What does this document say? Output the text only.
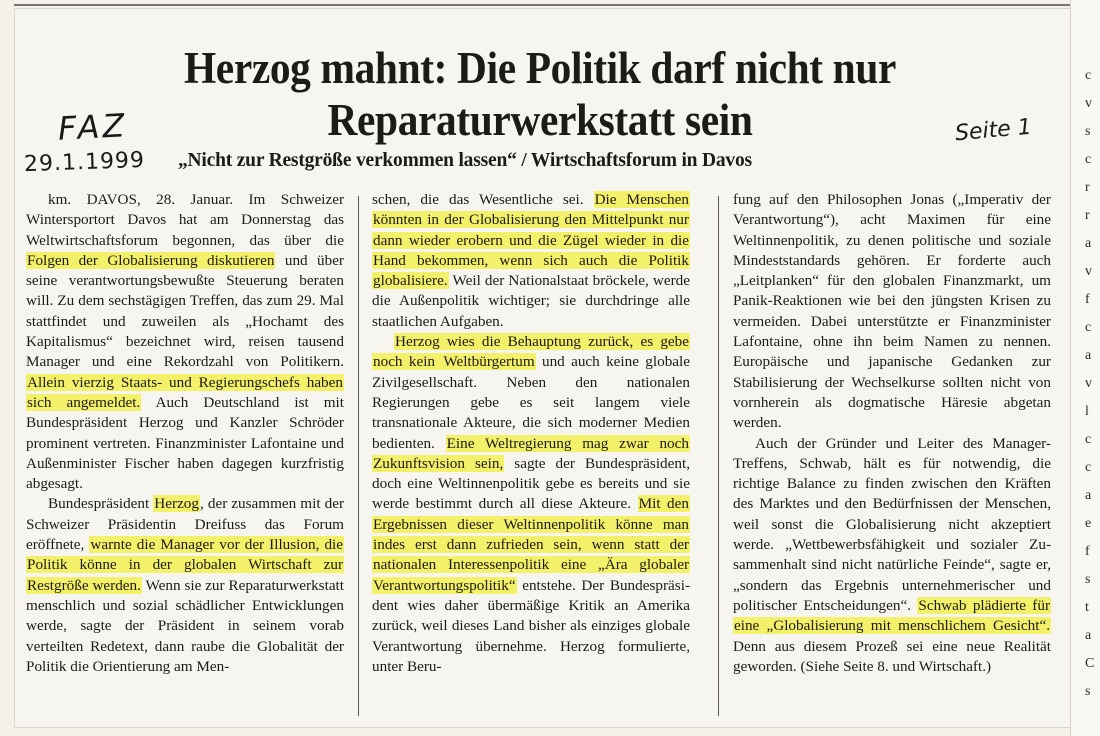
c
v
s
c
r
r
a
v
f
c
a
v
l
c
c
a
e
f
s
t
a
C
s
Herzog mahnt: Die Politik darf nicht nur
Reparaturwerkstatt sein
FAZ
29.1.1999
Seite 1
„Nicht zur Restgröße verkommen lassen“ / Wirtschaftsforum in Davos

km. DAVOS, 28. Januar. Im Schweizer Wintersportort Davos hat am Donnerstag das Weltwirtschaftsforum begonnen, das über die Folgen der Globalisierung diskutieren und über seine verantwortungsbewußte Steuerung beraten will. Zu dem sechstägigen Treffen, das zum 29. Mal stattfindet und zuweilen als „Hochamt des Kapitalismus“ bezeichnet wird, reisen tausend Manager und eine Rekordzahl von Politikern. Allein vierzig Staats- und Regierungschefs haben sich angemeldet. Auch Deutschland ist mit Bundespräsident Herzog und Kanzler Schröder prominent vertreten. Finanzminister Lafontaine und Außenminister Fischer haben dagegen kurzfristig abgesagt.

Bundespräsident Herzog, der zusammen mit der Schweizer Präsidentin Dreifuss das Forum eröffnete, warnte die Manager vor der Illusion, die Politik könne in der globalen Wirtschaft zur Restgröße werden. Wenn sie zur Reparaturwerkstatt menschlich und sozial schädlicher Entwicklungen werde, sagte der Präsident in seinem vorab verteilten Redetext, dann raube die Globalität der Politik die Orientierung am Men-

schen, die das Wesentliche sei. Die Menschen könnten in der Globalisierung den Mittelpunkt nur dann wieder erobern und die Zügel wieder in die Hand bekommen, wenn sich auch die Politik globalisiere. Weil der Nationalstaat bröckele, werde die Außenpolitik wichtiger; sie durchdringe alle staatlichen Aufgaben.

Herzog wies die Behauptung zurück, es gebe noch kein Weltbürgertum und auch keine globale Zivilgesellschaft. Neben den nationalen Regierungen gebe es seit langem viele transnationale Akteure, die sich moderner Medien bedienten. Eine Weltregierung mag zwar noch Zukunftsvision sein, sagte der Bundespräsident, doch eine Weltinnenpolitik gebe es bereits und sie werde bestimmt durch all diese Akteure. Mit den Ergebnissen dieser Weltinnenpolitik könne man indes erst dann zufrieden sein, wenn statt der nationalen Interessenpolitik eine „Ära globaler Verantwortungspolitik“ entstehe. Der Bundespräsident wies daher übermäßige Kritik an Amerika zurück, weil dieses Land bisher als einziges globale Verantwortung übernehme. Herzog formulierte, unter Beru-

fung auf den Philosophen Jonas („Imperativ der Verantwortung“), acht Maximen für eine Weltinnenpolitik, zu denen politische und soziale Mindeststandards gehören. Er forderte auch „Leitplanken“ für den globalen Finanzmarkt, um Panik-Reaktionen wie bei den jüngsten Krisen zu vermeiden. Dabei unterstützte er Finanzminister Lafontaine, ohne ihn beim Namen zu nennen. Europäische und japanische Gedanken zur Stabilisierung der Wechselkurse sollten nicht von vornherein als dogmatische Häresie abgetan werden.

Auch der Gründer und Leiter des Manager-Treffens, Schwab, hält es für notwendig, die richtige Balance zu finden zwischen den Kräften des Marktes und den Bedürfnissen der Menschen, weil sonst die Globalisierung nicht akzeptiert werde. „Wettbewerbsfähigkeit und sozialer Zusammenhalt sind nicht natürliche Feinde“, sagte er, „sondern das Ergebnis unternehmerischer und politischer Entscheidungen“. Schwab plädierte für eine „Globalisierung mit menschlichem Gesicht“. Denn aus diesem Prozeß sei eine neue Realität geworden. (Siehe Seite 8. und Wirtschaft.)
